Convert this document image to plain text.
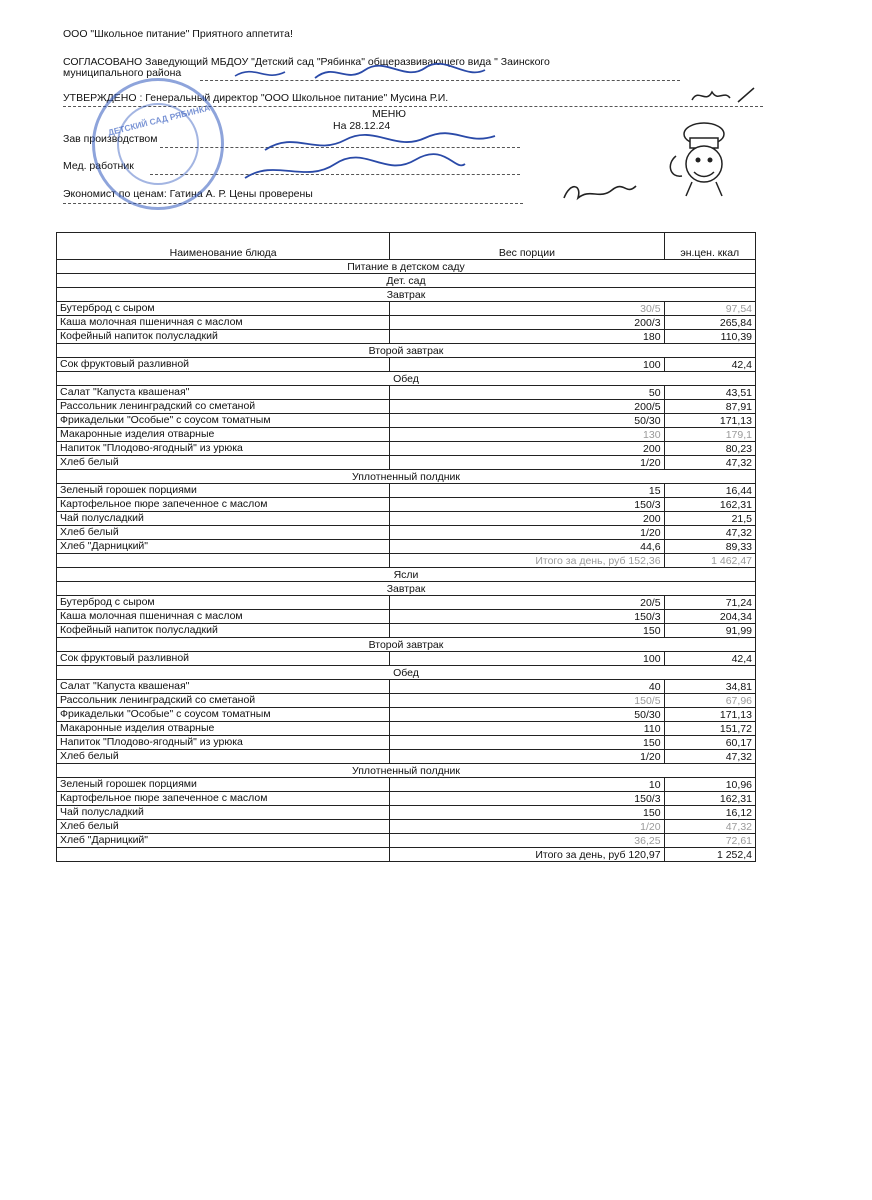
ООО "Школьное питание" Приятного аппетита!
СОГЛАСОВАНО Заведующий МБДОУ "Детский сад "Рябинка" общеразвивающего вида " Заинского
муниципального района
УТВЕРЖДЕНО : Генеральный директор "ООО Школьное питание" Мусина Р.И.
МЕНЮ
На 28.12.24
Зав производством
Мед. работник
Экономист по ценам: Гатина А. Р. Цены проверены
ДЕТСКИЙ САД РЯБИНКА
Наименование блюда	Вес порции	эн.цен. ккал
Питание в детском саду		
Дет. сад		
Завтрак		
Бутерброд с сыром	30/5	97,54
Каша молочная пшеничная с маслом	200/3	265,84
Кофейный напиток полусладкий	180	110,39
Второй завтрак		
Сок фруктовый разливной	100	42,4
Обед		
Салат "Капуста квашеная"	50	43,51
Рассольник ленинградский со сметаной	200/5	87,91
Фрикадельки "Особые" с соусом томатным	50/30	171,13
Макаронные изделия отварные	130	179,1
Напиток "Плодово-ягодный" из урюка	200	80,23
Хлеб белый	1/20	47,32
Уплотненный полдник		
Зеленый горошек порциями	15	16,44
Картофельное пюре запеченное с маслом	150/3	162,31
Чай полусладкий	200	21,5
Хлеб белый	1/20	47,32
Хлеб "Дарницкий"	44,6	89,33
	Итого за день, руб 152,36	1 462,47
Ясли		
Завтрак		
Бутерброд с сыром	20/5	71,24
Каша молочная пшеничная с маслом	150/3	204,34
Кофейный напиток полусладкий	150	91,99
Второй завтрак		
Сок фруктовый разливной	100	42,4
Обед		
Салат "Капуста квашеная"	40	34,81
Рассольник ленинградский со сметаной	150/5	67,96
Фрикадельки "Особые" с соусом томатным	50/30	171,13
Макаронные изделия отварные	110	151,72
Напиток "Плодово-ягодный" из урюка	150	60,17
Хлеб белый	1/20	47,32
Уплотненный полдник		
Зеленый горошек порциями	10	10,96
Картофельное пюре запеченное с маслом	150/3	162,31
Чай полусладкий	150	16,12
Хлеб белый	1/20	47,32
Хлеб "Дарницкий"	36,25	72,61
	Итого за день, руб 120,97	1 252,4
